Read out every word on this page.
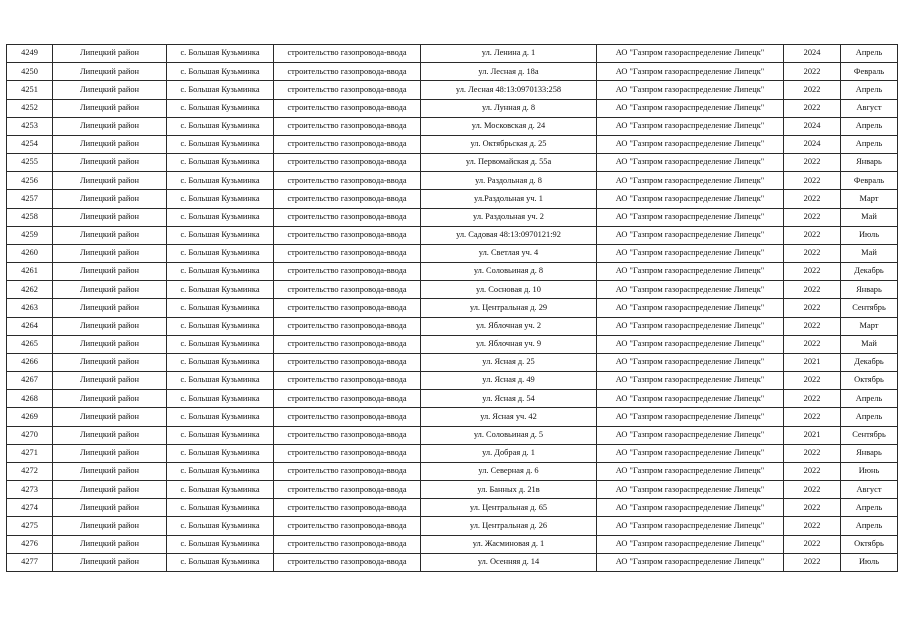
4249	Липецкий район	с. Большая Кузьминка	строительство газопровода-ввода	ул. Ленина д. 1	АО "Газпром газораспределение Липецк"	2024	Апрель
4250	Липецкий район	с. Большая Кузьминка	строительство газопровода-ввода	ул. Лесная д. 18а	АО "Газпром газораспределение Липецк"	2022	Февраль
4251	Липецкий район	с. Большая Кузьминка	строительство газопровода-ввода	ул. Лесная 48:13:0970133:258	АО "Газпром газораспределение Липецк"	2022	Апрель
4252	Липецкий район	с. Большая Кузьминка	строительство газопровода-ввода	ул. Лунная д. 8	АО "Газпром газораспределение Липецк"	2022	Август
4253	Липецкий район	с. Большая Кузьминка	строительство газопровода-ввода	ул. Московская д. 24	АО "Газпром газораспределение Липецк"	2024	Апрель
4254	Липецкий район	с. Большая Кузьминка	строительство газопровода-ввода	ул. Октябрьская д. 25	АО "Газпром газораспределение Липецк"	2024	Апрель
4255	Липецкий район	с. Большая Кузьминка	строительство газопровода-ввода	ул. Первомайская д. 55а	АО "Газпром газораспределение Липецк"	2022	Январь
4256	Липецкий район	с. Большая Кузьминка	строительство газопровода-ввода	ул. Раздольная д. 8	АО "Газпром газораспределение Липецк"	2022	Февраль
4257	Липецкий район	с. Большая Кузьминка	строительство газопровода-ввода	ул.Раздольная уч. 1	АО "Газпром газораспределение Липецк"	2022	Март
4258	Липецкий район	с. Большая Кузьминка	строительство газопровода-ввода	ул. Раздольная уч. 2	АО "Газпром газораспределение Липецк"	2022	Май
4259	Липецкий район	с. Большая Кузьминка	строительство газопровода-ввода	ул. Садовая 48:13:0970121:92	АО "Газпром газораспределение Липецк"	2022	Июль
4260	Липецкий район	с. Большая Кузьминка	строительство газопровода-ввода	ул. Светлая уч. 4	АО "Газпром газораспределение Липецк"	2022	Май
4261	Липецкий район	с. Большая Кузьминка	строительство газопровода-ввода	ул. Соловьиная д. 8	АО "Газпром газораспределение Липецк"	2022	Декабрь
4262	Липецкий район	с. Большая Кузьминка	строительство газопровода-ввода	ул. Сосновая д. 10	АО "Газпром газораспределение Липецк"	2022	Январь
4263	Липецкий район	с. Большая Кузьминка	строительство газопровода-ввода	ул. Центральная д. 29	АО "Газпром газораспределение Липецк"	2022	Сентябрь
4264	Липецкий район	с. Большая Кузьминка	строительство газопровода-ввода	ул. Яблочная уч. 2	АО "Газпром газораспределение Липецк"	2022	Март
4265	Липецкий район	с. Большая Кузьминка	строительство газопровода-ввода	ул. Яблочная уч. 9	АО "Газпром газораспределение Липецк"	2022	Май
4266	Липецкий район	с. Большая Кузьминка	строительство газопровода-ввода	ул. Ясная д. 25	АО "Газпром газораспределение Липецк"	2021	Декабрь
4267	Липецкий район	с. Большая Кузьминка	строительство газопровода-ввода	ул. Ясная д. 49	АО "Газпром газораспределение Липецк"	2022	Октябрь
4268	Липецкий район	с. Большая Кузьминка	строительство газопровода-ввода	ул. Ясная д. 54	АО "Газпром газораспределение Липецк"	2022	Апрель
4269	Липецкий район	с. Большая Кузьминка	строительство газопровода-ввода	ул. Ясная уч. 42	АО "Газпром газораспределение Липецк"	2022	Апрель
4270	Липецкий район	с. Большая Кузьминка	строительство газопровода-ввода	ул. Соловьиная д. 5	АО "Газпром газораспределение Липецк"	2021	Сентябрь
4271	Липецкий район	с. Большая Кузьминка	строительство газопровода-ввода	ул. Добрая д. 1	АО "Газпром газораспределение Липецк"	2022	Январь
4272	Липецкий район	с. Большая Кузьминка	строительство газопровода-ввода	ул. Северная д. 6	АО "Газпром газораспределение Липецк"	2022	Июнь
4273	Липецкий район	с. Большая Кузьминка	строительство газопровода-ввода	ул. Банных д. 21в	АО "Газпром газораспределение Липецк"	2022	Август
4274	Липецкий район	с. Большая Кузьминка	строительство газопровода-ввода	ул. Центральная д. 65	АО "Газпром газораспределение Липецк"	2022	Апрель
4275	Липецкий район	с. Большая Кузьминка	строительство газопровода-ввода	ул. Центральная д. 26	АО "Газпром газораспределение Липецк"	2022	Апрель
4276	Липецкий район	с. Большая Кузьминка	строительство газопровода-ввода	ул. Жасминовая д. 1	АО "Газпром газораспределение Липецк"	2022	Октябрь
4277	Липецкий район	с. Большая Кузьминка	строительство газопровода-ввода	ул. Осенняя д. 14	АО "Газпром газораспределение Липецк"	2022	Июль
